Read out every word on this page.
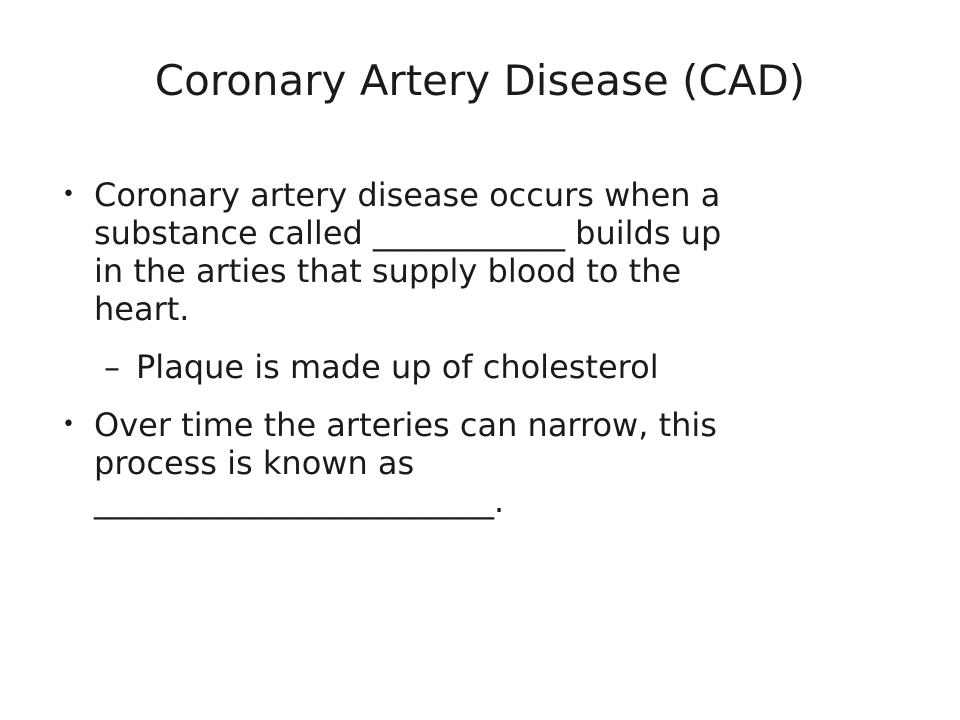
Coronary Artery Disease (CAD)
• Coronary artery disease occurs when a
substance called ____________ builds up
in the arties that supply blood to the
heart.
– Plaque is made up of cholesterol
• Over time the arteries can narrow, this
process is known as
_________________________.
